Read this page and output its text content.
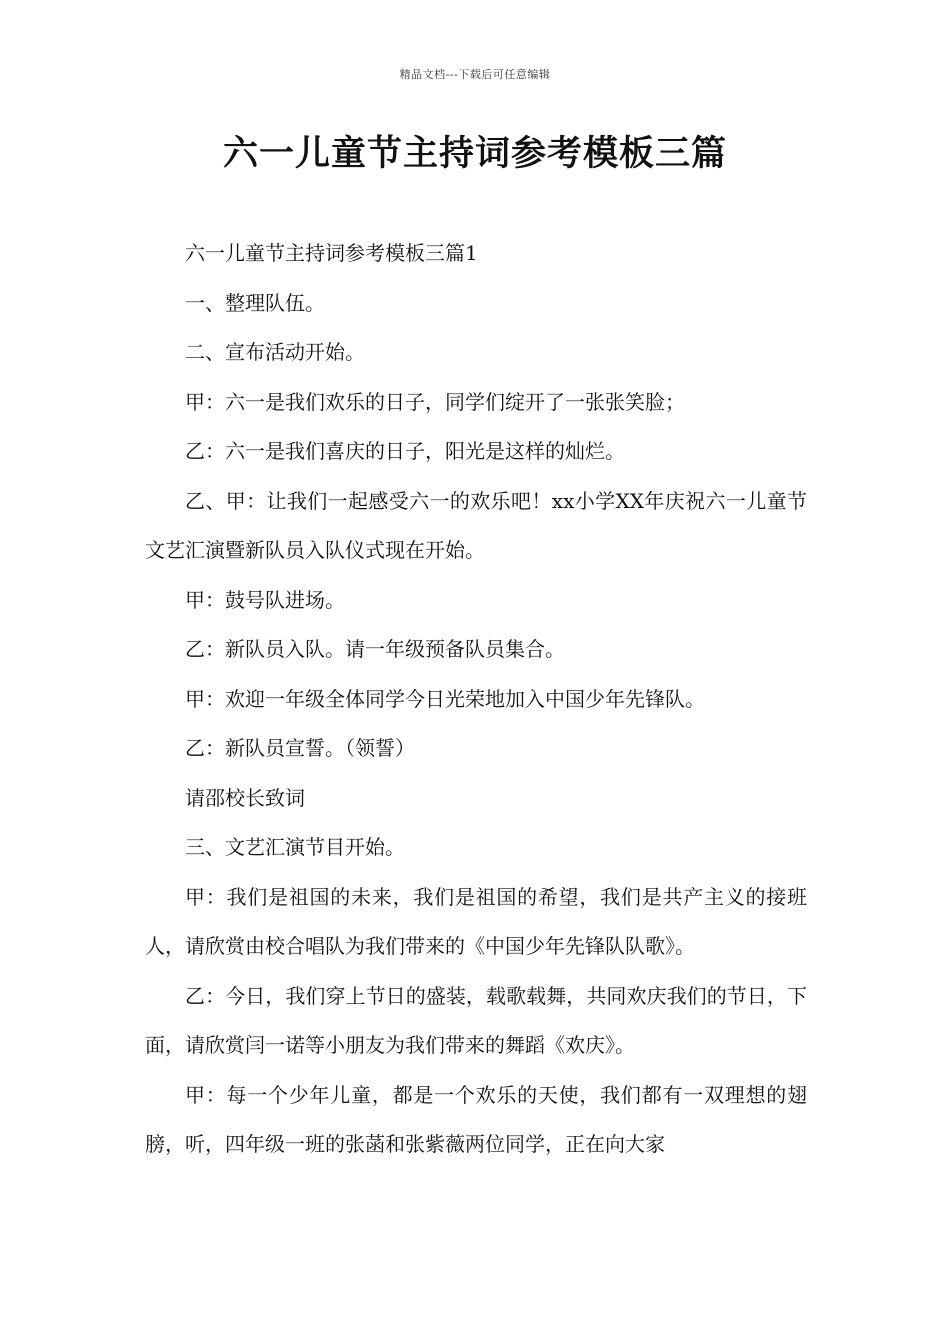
精品文档---下载后可任意编辑
六一儿童节主持词参考模板三篇

六一儿童节主持词参考模板三篇1

一、整理队伍。

二、宣布活动开始。

甲：六一是我们欢乐的日子，同学们绽开了一张张笑脸；

乙：六一是我们喜庆的日子，阳光是这样的灿烂。

乙、甲：让我们一起感受六一的欢乐吧！xx小学XX年庆祝六一儿童节文艺汇演暨新队员入队仪式现在开始。

甲：鼓号队进场。

乙：新队员入队。请一年级预备队员集合。

甲：欢迎一年级全体同学今日光荣地加入中国少年先锋队。

乙：新队员宣誓。（领誓）

请邵校长致词

三、文艺汇演节目开始。

甲：我们是祖国的未来，我们是祖国的希望，我们是共产主义的接班人，请欣赏由校合唱队为我们带来的《中国少年先锋队队歌》。

乙：今日，我们穿上节日的盛装，载歌载舞，共同欢庆我们的节日，下面，请欣赏闫一诺等小朋友为我们带来的舞蹈《欢庆》。

甲：每一个少年儿童，都是一个欢乐的天使，我们都有一双理想的翅膀，听，四年级一班的张菡和张紫薇两位同学，正在向大家
